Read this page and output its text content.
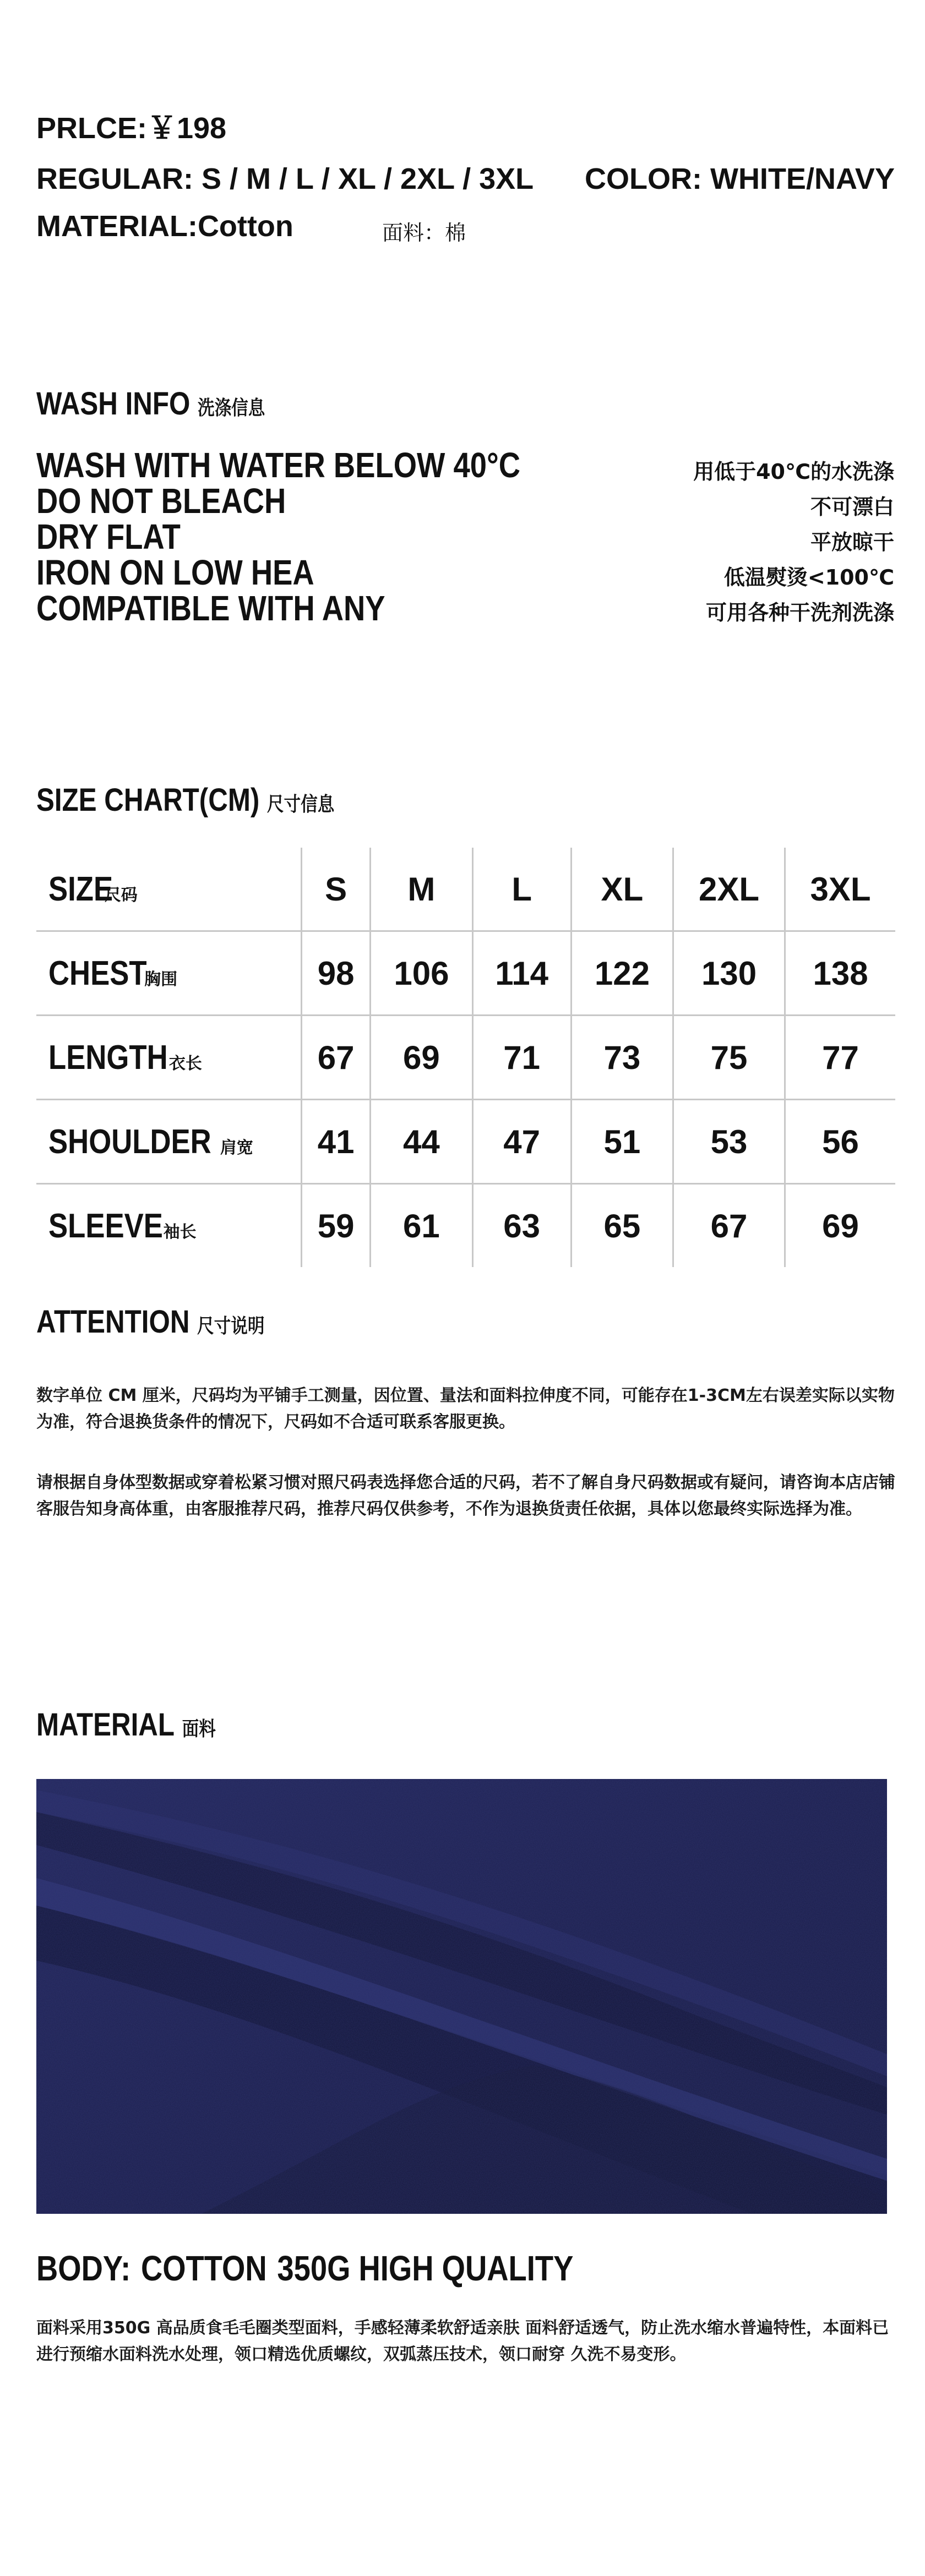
PRLCE:￥198
REGULAR: S / M / L / XL / 2XL / 3XL COLOR: WHITE/NAVY
MATERIAL:Cotton	面料：棉
WASH INFO 洗涤信息
WASH WITH WATER BELOW 40°C	用低于40℃的水洗涤
DO NOT BLEACH	不可漂白
DRY FLAT	平放晾干
IRON ON LOW HEA	低温熨烫<100℃
COMPATIBLE WITH ANY	可用各种干洗剂洗涤
SIZE CHART(CM) 尺寸信息
SIZE尺码	S	M	L	XL	2XL	3XL
CHEST胸围	98	106	114	122	130	138
LENGTH衣长	67	69	71	73	75	77
SHOULDER 肩宽	41	44	47	51	53	56
SLEEVE袖长	59	61	63	65	67	69
ATTENTION 尺寸说明
数字单位 CM 厘米，尺码均为平铺手工测量，因位置、量法和面料拉伸度不同，可能存在1-3CM左右误差实际以实物为准，符合退换货条件的情况下，尺码如不合适可联系客服更换。
请根据自身体型数据或穿着松紧习惯对照尺码表选择您合适的尺码，若不了解自身尺码数据或有疑问，请咨询本店店铺客服告知身高体重，由客服推荐尺码，推荐尺码仅供参考，不作为退换货责任依据，具体以您最终实际选择为准。
MATERIAL 面料
BODY: COTTON 350G HIGH QUALITY
面料采用350G 高品质食毛毛圈类型面料，手感轻薄柔软舒适亲肤 面料舒适透气，防止洗水缩水普遍特性，本面料已进行预缩水面料洗水处理，领口精选优质螺纹，双弧蒸压技术，领口耐穿 久洗不易变形。
